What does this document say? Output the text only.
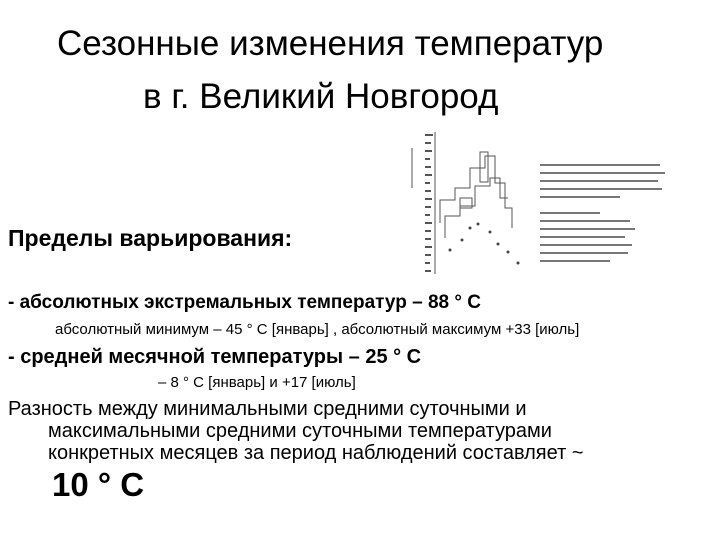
Сезонные изменения температур
в г. Великий Новгород
Пределы варьирования:
- абсолютных экстремальных температур – 88 ° С
абсолютный минимум – 45 ° С [январь] , абсолютный максимум +33 [июль]
- средней месячной температуры – 25 ° С
– 8 ° С [январь] и +17 [июль]
Разность между минимальными средними суточными и
максимальными средними суточными температурами
конкретных месяцев за период наблюдений составляет ~
10 ° С
